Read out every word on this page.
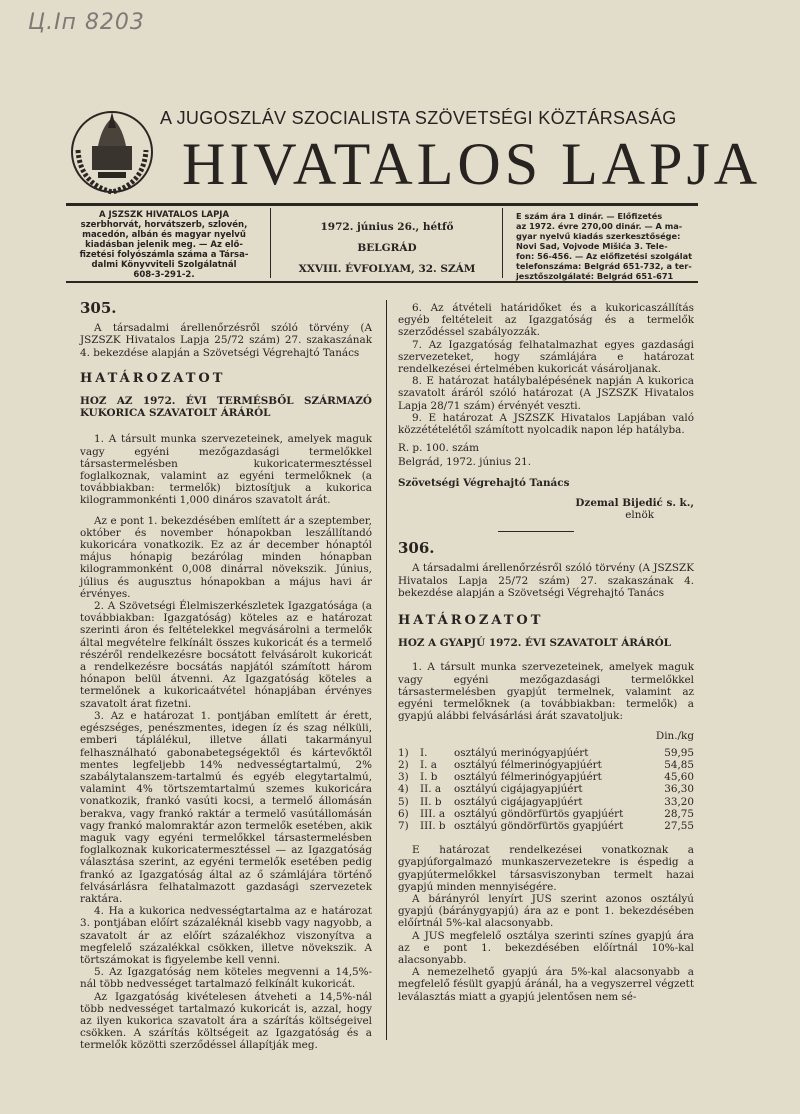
Ц.Іп 8203
A JUGOSZLÁV SZOCIALISTA SZÖVETSÉGI KÖZTÁRSASÁG
HIVATALOS LAPJA
A JSZSZK HIVATALOS LAPJA
szerbhorvát, horvátszerb, szlovén,
macedón, albán és magyar nyelvű
kiadásban jelenik meg. — Az elő-
fizetési folyószámla száma a Társa-
dalmi Könyvviteli Szolgálatnál
608-3-291-2.
1972. június 26., hétfő
BELGRÁD
XXVIII. ÉVFOLYAM, 32. SZÁM
E szám ára 1 dinár. — Előfizetés
az 1972. évre 270,00 dinár. — A ma-
gyar nyelvű kiadás szerkesztősége:
Novi Sad, Vojvode Mišića 3. Tele-
fon: 56-456. — Az előfizetési szolgálat
telefonszáma: Belgrád 651-732, a ter-
jesztőszolgálaté: Belgrád 651-671

305.

A társadalmi árellenőrzésről szóló törvény (A JSZSZK Hivatalos Lapja 25/72 szám) 27. szakaszának 4. bekezdése alapján a Szövetségi Végrehajtó Tanács

HATÁROZATOT

HOZ AZ 1972. ÉVI TERMÉSBŐL SZÁRMAZÓ KUKORICA SZAVATOLT ÁRÁRÓL

1. A társult munka szervezeteinek, amelyek maguk vagy egyéni mezőgazdasági termelőkkel társastermelésben kukoricatermesztéssel foglalkoznak, valamint az egyéni termelőknek (a továbbiakban: termelők) biztosítjuk a kukorica kilogrammonkénti 1,000 dináros szavatolt árát.

Az e pont 1. bekezdésében említett ár a szeptember, október és november hónapokban leszállítandó kukoricára vonatkozik. Ez az ár december hónaptól május hónapig bezárólag minden hónapban kilogrammonként 0,008 dinárral növekszik. Június, július és augusztus hónapokban a május havi ár érvényes.

2. A Szövetségi Élelmiszerkészletek Igazgatósága (a továbbiakban: Igazgatóság) köteles az e határozat szerinti áron és feltételekkel megvásárolni a termelők által megvételre felkínált összes kukoricát és a termelő részéről rendelkezésre bocsátott felvásárolt kukoricát a rendelkezésre bocsátás napjától számított három hónapon belül átvenni. Az Igazgatóság köteles a termelőnek a kukoricaátvétel hónapjában érvényes szavatolt árat fizetni.

3. Az e határozat 1. pontjában említett ár érett, egészséges, penészmentes, idegen íz és szag nélküli, emberi táplálékul, illetve állati takarmányul felhasználható gabonabetegségektől és kártevőktől mentes legfeljebb 14% nedvességtartalmú, 2% szabálytalanszem-tartalmú és egyéb elegytartalmú, valamint 4% törtszemtartalmú szemes kukoricára vonatkozik, frankó vasúti kocsi, a termelő állomásán berakva, vagy frankó raktár a termelő vasútállomásán vagy frankó malomraktár azon termelők esetében, akik maguk vagy egyéni termelőkkel társastermelésben foglalkoznak kukoricatermesztéssel — az Igazgatóság választása szerint, az egyéni termelők esetében pedig frankó az Igazgatóság által az ő számlájára történő felvásárlásra felhatalmazott gazdasági szervezetek raktára.

4. Ha a kukorica nedvességtartalma az e határozat 3. pontjában előírt százaléknál kisebb vagy nagyobb, a szavatolt ár az előírt százalékhoz viszonyítva a megfelelő százalékkal csökken, illetve növekszik. A törtszámokat is figyelembe kell venni.

5. Az Igazgatóság nem köteles megvenni a 14,5%-nál több nedvességet tartalmazó felkínált kukoricát.

Az Igazgatóság kivételesen átveheti a 14,5%-nál több nedvességet tartalmazó kukoricát is, azzal, hogy az ilyen kukorica szavatolt ára a szárítás költségeivel csökken. A szárítás költségeit az Igazgatóság és a termelők közötti szerződéssel állapítják meg.

6. Az átvételi határidőket és a kukoricaszállítás egyéb feltételeit az Igazgatóság és a termelők szerződéssel szabályozzák.

7. Az Igazgatóság felhatalmazhat egyes gazdasági szervezeteket, hogy számlájára e határozat rendelkezései értelmében kukoricát vásároljanak.

8. E határozat hatálybalépésének napján A kukorica szavatolt áráról szóló határozat (A JSZSZK Hivatalos Lapja 28/71 szám) érvényét veszti.

9. E határozat A JSZSZK Hivatalos Lapjában való közzétételétől számított nyolcadik napon lép hatályba.

R. p. 100. szám

Belgrád, 1972. június 21.

Szövetségi Végrehajtó Tanács

Dzemal Bijedić s. k.,

elnök

306.

A társadalmi árellenőrzésről szóló törvény (A JSZSZK Hivatalos Lapja 25/72 szám) 27. szakaszának 4. bekezdése alapján a Szövetségi Végrehajtó Tanács

HATÁROZATOT

HOZ A GYAPJÚ 1972. ÉVI SZAVATOLT ÁRÁRÓL

1. A társult munka szervezeteinek, amelyek maguk vagy egyéni mezőgazdasági termelőkkel társastermelésben gyapjút termelnek, valamint az egyéni termelőknek (a továbbiakban: termelők) a gyapjú alábbi felvásárlási árát szavatoljuk:

Din./kg

1)	I.	osztályú merinógyapjúért	59,95
2)	I. a	osztályú félmerinógyapjúért	54,85
3)	I. b	osztályú félmerinógyapjúért	45,60
4)	II. a	osztályú cigájagyapjúért	36,30
5)	II. b	osztályú cigájagyapjúért	33,20
6)	III. a	osztályú göndörfürtös gyapjúért	28,75
7)	III. b	osztályú göndörfürtös gyapjúért	27,55

E határozat rendelkezései vonatkoznak a gyapjúforgalmazó munkaszervezetekre is éspedig a gyapjútermelőkkel társasviszonyban termelt hazai gyapjú minden mennyiségére.

A bárányról lenyírt JUS szerint azonos osztályú gyapjú (báránygyapjú) ára az e pont 1. bekezdésében előírtnál 5%-kal alacsonyabb.

A JUS megfelelő osztálya szerinti színes gyapjú ára az e pont 1. bekezdésében előírtnál 10%-kal alacsonyabb.

A nemezelhető gyapjú ára 5%-kal alacsonyabb a megfelelő fésült gyapjú áránál, ha a vegyszerrel végzett leválasztás miatt a gyapjú jelentősen nem sé-
